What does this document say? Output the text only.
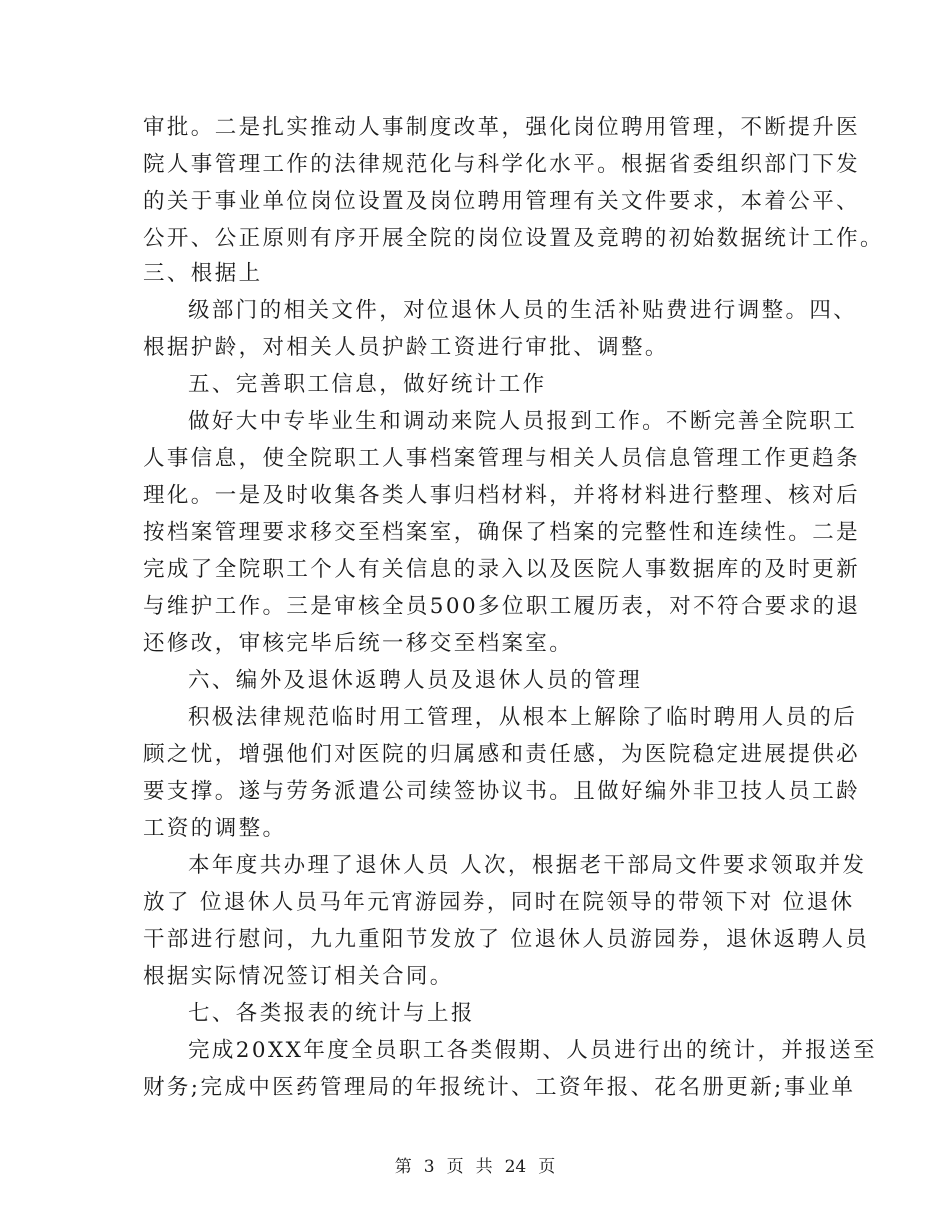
审批。二是扎实推动人事制度改革，强化岗位聘用管理，不断提升医
院人事管理工作的法律规范化与科学化水平。根据省委组织部门下发
的关于事业单位岗位设置及岗位聘用管理有关文件要求，本着公平、
公开、公正原则有序开展全院的岗位设置及竞聘的初始数据统计工作。
三、根据上
级部门的相关文件，对位退休人员的生活补贴费进行调整。四、
根据护龄，对相关人员护龄工资进行审批、调整。
五、完善职工信息，做好统计工作
做好大中专毕业生和调动来院人员报到工作。不断完善全院职工
人事信息，使全院职工人事档案管理与相关人员信息管理工作更趋条
理化。一是及时收集各类人事归档材料，并将材料进行整理、核对后
按档案管理要求移交至档案室，确保了档案的完整性和连续性。二是
完成了全院职工个人有关信息的录入以及医院人事数据库的及时更新
与维护工作。三是审核全员500多位职工履历表，对不符合要求的退
还修改，审核完毕后统一移交至档案室。
六、编外及退休返聘人员及退休人员的管理
积极法律规范临时用工管理，从根本上解除了临时聘用人员的后
顾之忧，增强他们对医院的归属感和责任感，为医院稳定进展提供必
要支撑。遂与劳务派遣公司续签协议书。且做好编外非卫技人员工龄
工资的调整。
本年度共办理了退休人员 人次，根据老干部局文件要求领取并发
放了 位退休人员马年元宵游园券，同时在院领导的带领下对 位退休
干部进行慰问，九九重阳节发放了 位退休人员游园券，退休返聘人员
根据实际情况签订相关合同。
七、各类报表的统计与上报
完成20XX年度全员职工各类假期、人员进行出的统计，并报送至
财务;完成中医药管理局的年报统计、工资年报、花名册更新;事业单
第 3 页 共 24 页
